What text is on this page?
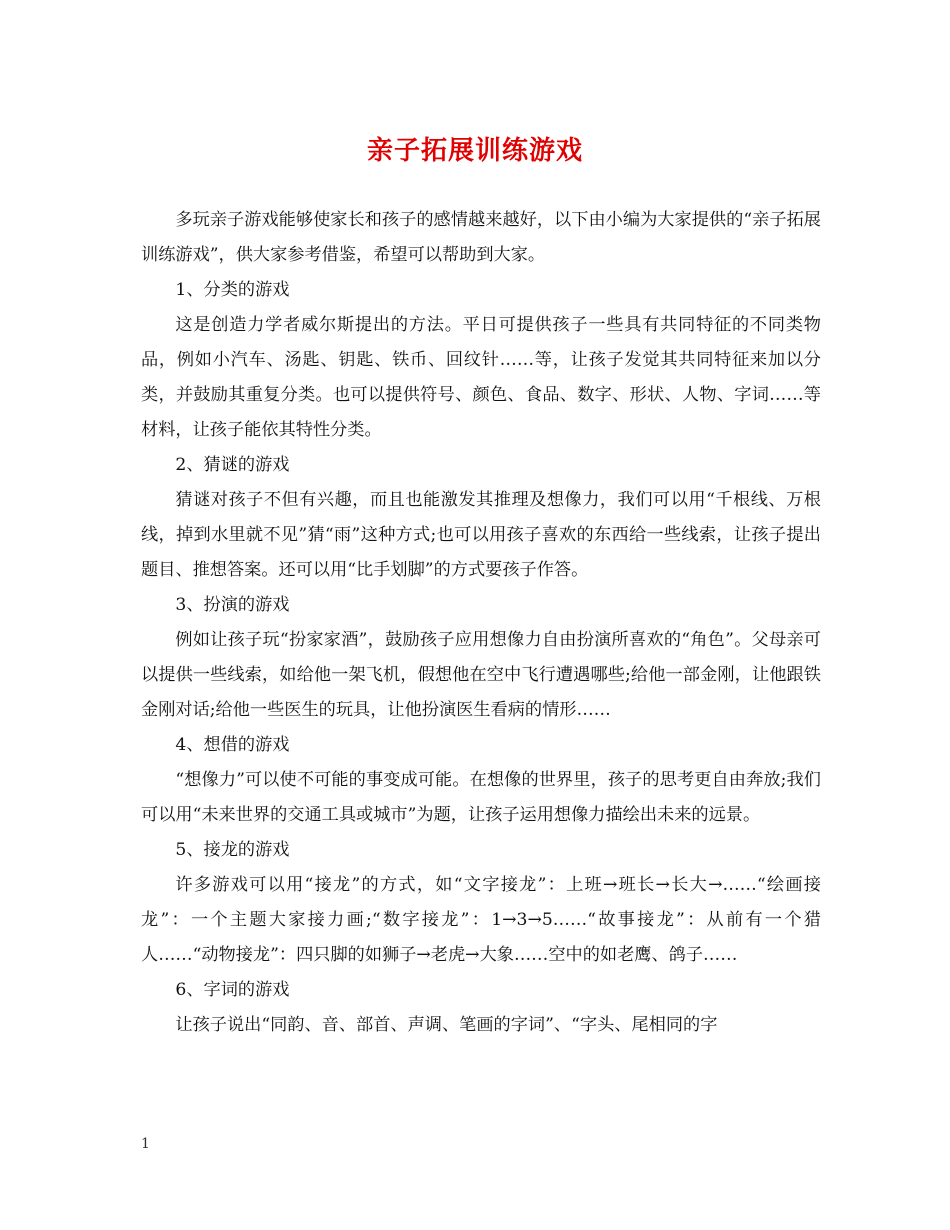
亲子拓展训练游戏

多玩亲子游戏能够使家长和孩子的感情越来越好，以下由小编为大家提供的“亲子拓展训练游戏”，供大家参考借鉴，希望可以帮助到大家。

1、分类的游戏

这是创造力学者威尔斯提出的方法。平日可提供孩子一些具有共同特征的不同类物品，例如小汽车、汤匙、钥匙、铁币、回纹针……等，让孩子发觉其共同特征来加以分类，并鼓励其重复分类。也可以提供符号、颜色、食品、数字、形状、人物、字词……等材料，让孩子能依其特性分类。

2、猜谜的游戏

猜谜对孩子不但有兴趣，而且也能激发其推理及想像力，我们可以用“千根线、万根线，掉到水里就不见”猜“雨”这种方式;也可以用孩子喜欢的东西给一些线索，让孩子提出题目、推想答案。还可以用“比手划脚”的方式要孩子作答。

3、扮演的游戏

例如让孩子玩“扮家家酒”，鼓励孩子应用想像力自由扮演所喜欢的“角色”。父母亲可以提供一些线索，如给他一架飞机，假想他在空中飞行遭遇哪些;给他一部金刚，让他跟铁金刚对话;给他一些医生的玩具，让他扮演医生看病的情形……

4、想借的游戏

“想像力”可以使不可能的事变成可能。在想像的世界里，孩子的思考更自由奔放;我们可以用“未来世界的交通工具或城市”为题，让孩子运用想像力描绘出未来的远景。

5、接龙的游戏

许多游戏可以用“接龙”的方式，如“文字接龙”：上班→班长→长大→……“绘画接龙”：一个主题大家接力画;“数字接龙”：1→3→5……“故事接龙”：从前有一个猎人……“动物接龙”：四只脚的如狮子→老虎→大象……空中的如老鹰、鸽子……

6、字词的游戏

让孩子说出“同韵、音、部首、声调、笔画的字词”、“字头、尾相同的字

1
